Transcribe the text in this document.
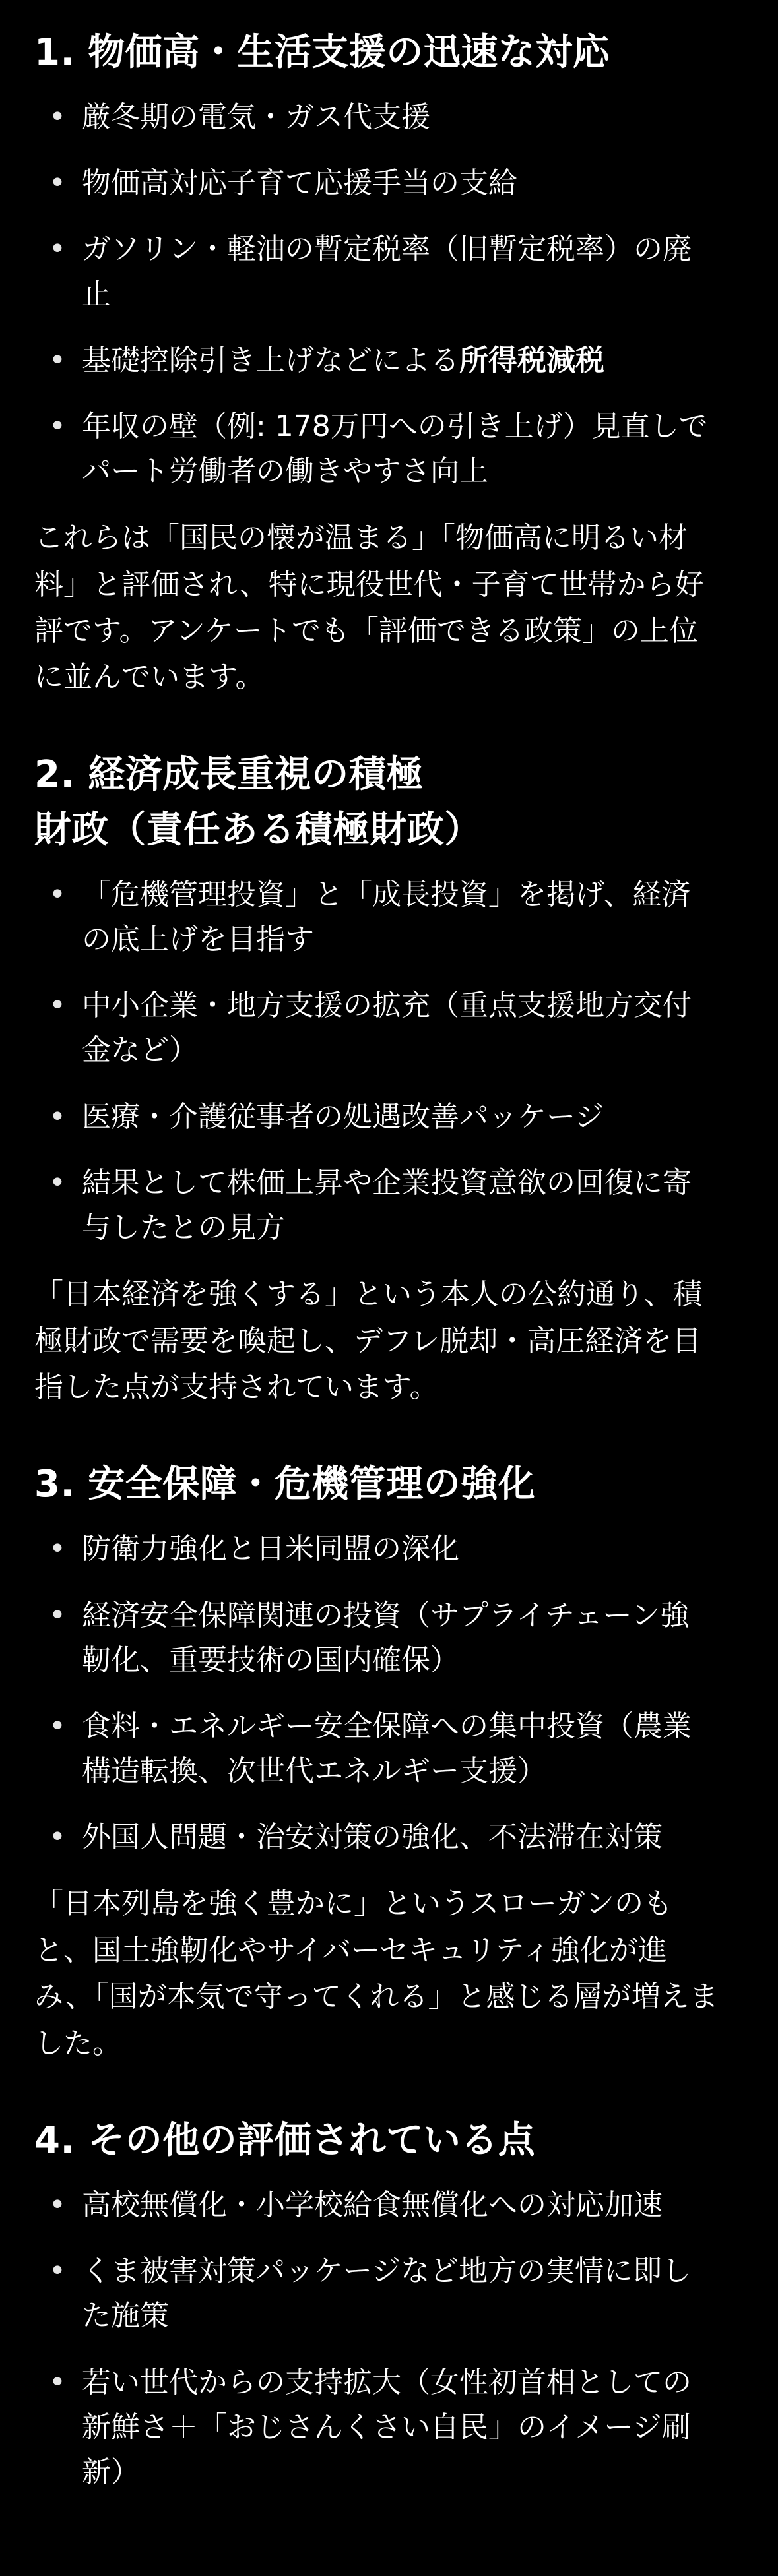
1. 物価高・生活支援の迅速な対応
• 厳冬期の電気・ガス代支援
• 物価高対応子育て応援手当の支給
• ガソリン・軽油の暫定税率（旧暫定税率）の廃止
• 基礎控除引き上げなどによる所得税減税
• 年収の壁（例: 178万円への引き上げ）見直しでパート労働者の働きやすさ向上

これらは「国民の懐が温まる」「物価高に明るい材料」と評価され、特に現役世代・子育て世帯から好評です。アンケートでも「評価できる政策」の上位に並んでいます。

2. 経済成長重視の積極
財政（責任ある積極財政）
• 「危機管理投資」と「成長投資」を掲げ、経済の底上げを目指す
• 中小企業・地方支援の拡充（重点支援地方交付金など）
• 医療・介護従事者の処遇改善パッケージ
• 結果として株価上昇や企業投資意欲の回復に寄与したとの見方

「日本経済を強くする」という本人の公約通り、積極財政で需要を喚起し、デフレ脱却・高圧経済を目指した点が支持されています。

3. 安全保障・危機管理の強化
• 防衛力強化と日米同盟の深化
• 経済安全保障関連の投資（サプライチェーン強靭化、重要技術の国内確保）
• 食料・エネルギー安全保障への集中投資（農業構造転換、次世代エネルギー支援）
• 外国人問題・治安対策の強化、不法滞在対策

「日本列島を強く豊かに」というスローガンのもと、国土強靭化やサイバーセキュリティ強化が進み、「国が本気で守ってくれる」と感じる層が増えました。

4. その他の評価されている点
• 高校無償化・小学校給食無償化への対応加速
• くま被害対策パッケージなど地方の実情に即した施策
• 若い世代からの支持拡大（女性初首相としての新鮮さ＋「おじさんくさい自民」のイメージ刷新）
